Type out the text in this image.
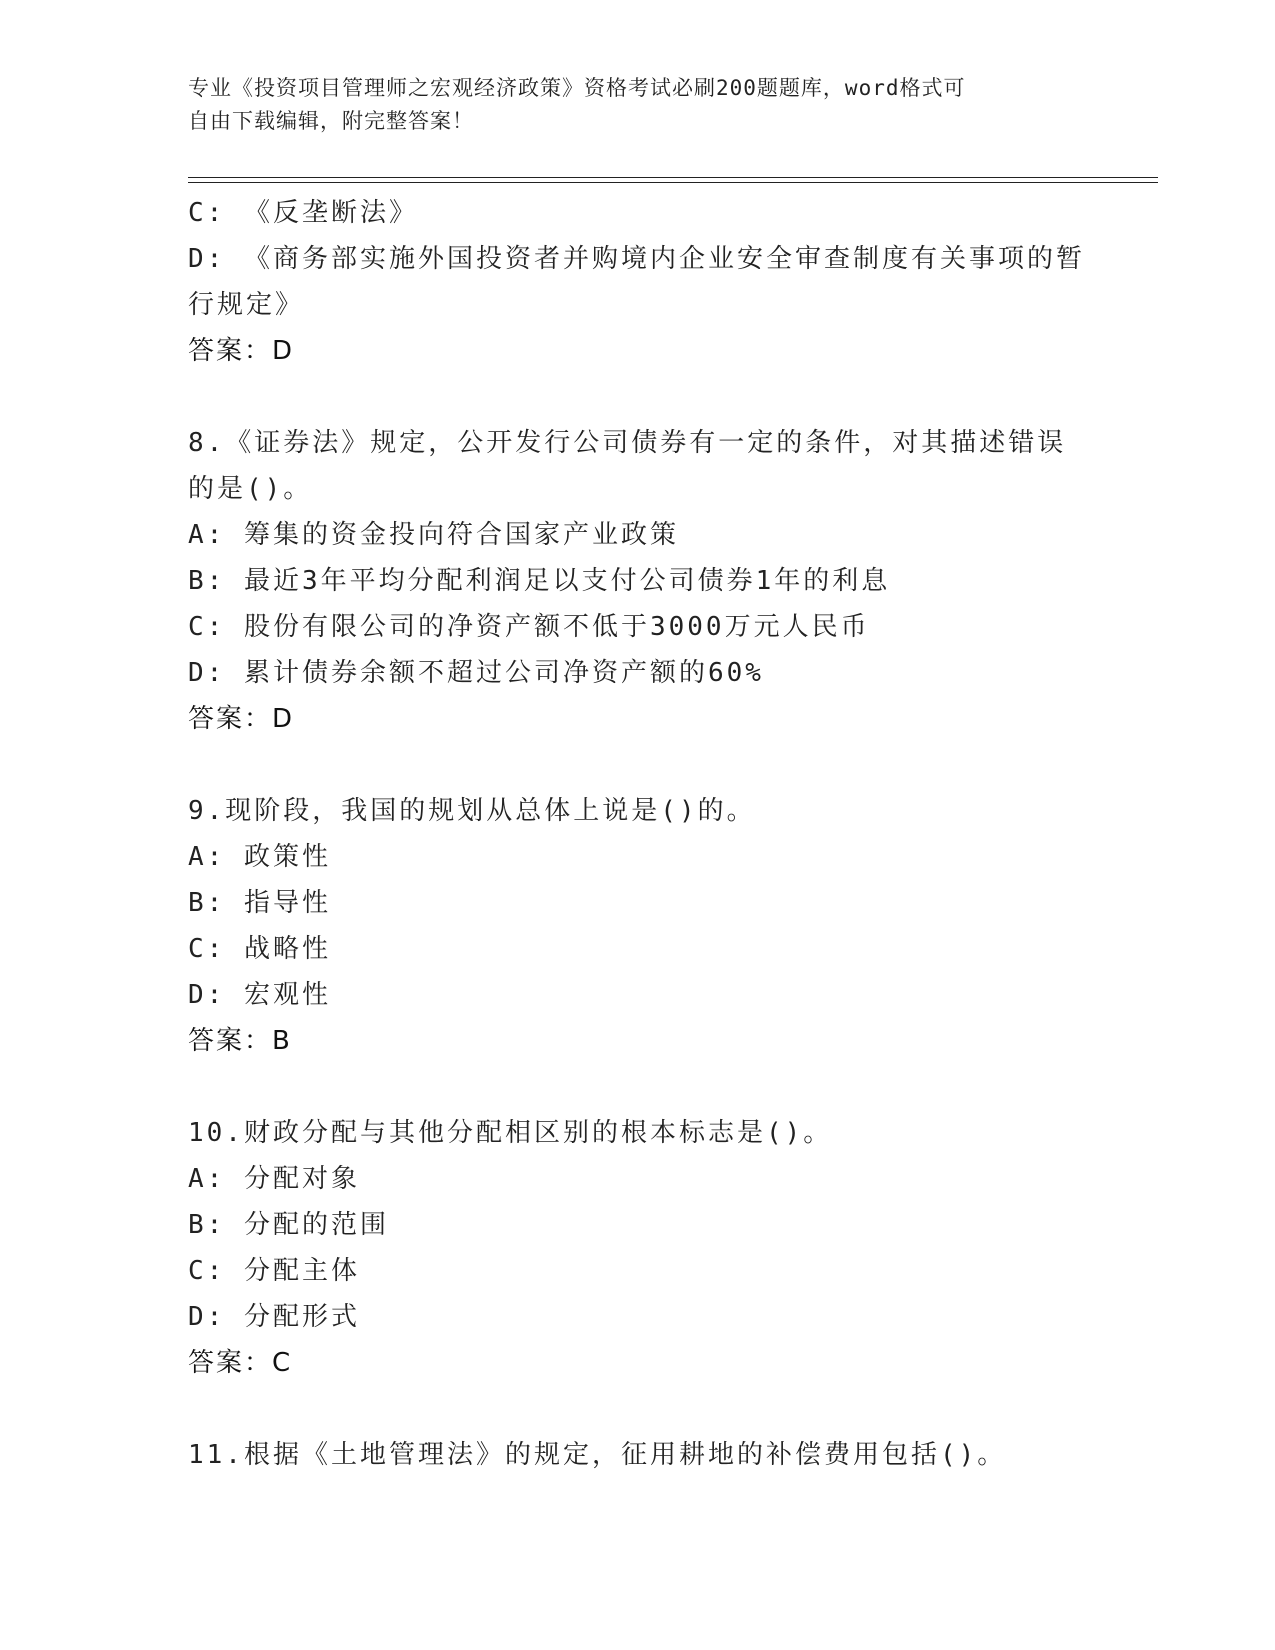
专业《投资项目管理师之宏观经济政策》资格考试必刷200题题库，word格式可
自由下载编辑，附完整答案！
C: 《反垄断法》
D: 《商务部实施外国投资者并购境内企业安全审查制度有关事项的暂
行规定》
答案：D
8.《证券法》规定，公开发行公司债券有一定的条件，对其描述错误
的是()。
A: 筹集的资金投向符合国家产业政策
B: 最近3年平均分配利润足以支付公司债券1年的利息
C: 股份有限公司的净资产额不低于3000万元人民币
D: 累计债券余额不超过公司净资产额的60%
答案：D
9.现阶段，我国的规划从总体上说是()的。
A: 政策性
B: 指导性
C: 战略性
D: 宏观性
答案：B
10.财政分配与其他分配相区别的根本标志是()。
A: 分配对象
B: 分配的范围
C: 分配主体
D: 分配形式
答案：C
11.根据《土地管理法》的规定，征用耕地的补偿费用包括()。
